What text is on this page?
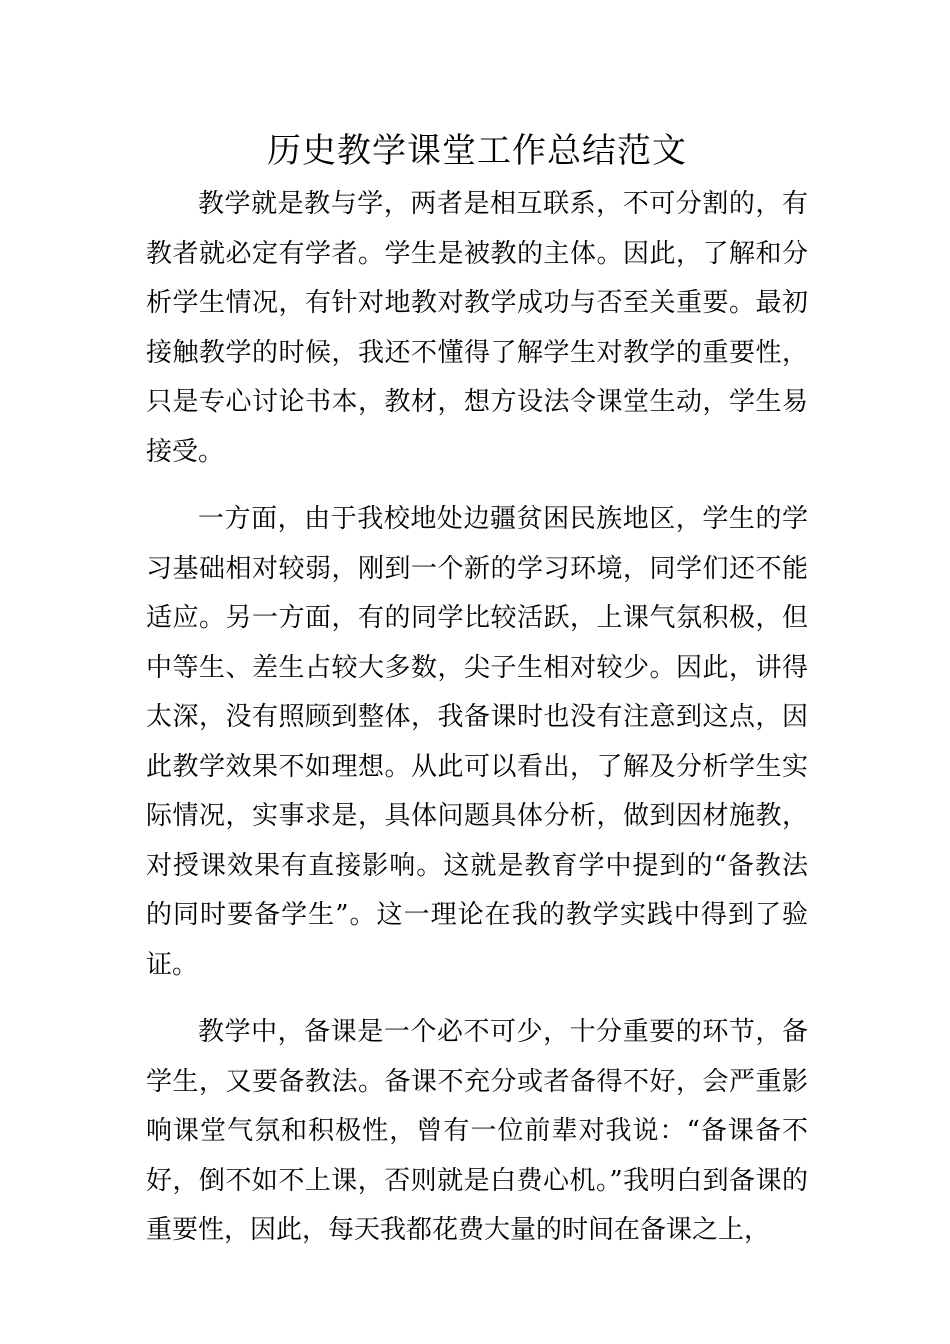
历史教学课堂工作总结范文

教学就是教与学，两者是相互联系，不可分割的，有教者就必定有学者。学生是被教的主体。因此，了解和分析学生情况，有针对地教对教学成功与否至关重要。最初接触教学的时候，我还不懂得了解学生对教学的重要性，只是专心讨论书本，教材，想方设法令课堂生动，学生易接受。

一方面，由于我校地处边疆贫困民族地区，学生的学习基础相对较弱，刚到一个新的学习环境，同学们还不能适应。另一方面，有的同学比较活跃，上课气氛积极，但中等生、差生占较大多数，尖子生相对较少。因此，讲得太深，没有照顾到整体，我备课时也没有注意到这点，因此教学效果不如理想。从此可以看出，了解及分析学生实际情况，实事求是，具体问题具体分析，做到因材施教，对授课效果有直接影响。这就是教育学中提到的“备教法的同时要备学生”。这一理论在我的教学实践中得到了验证。

教学中，备课是一个必不可少，十分重要的环节，备学生，又要备教法。备课不充分或者备得不好，会严重影响课堂气氛和积极性，曾有一位前辈对我说：“备课备不好，倒不如不上课，否则就是白费心机。”我明白到备课的重要性，因此，每天我都花费大量的时间在备课之上，
